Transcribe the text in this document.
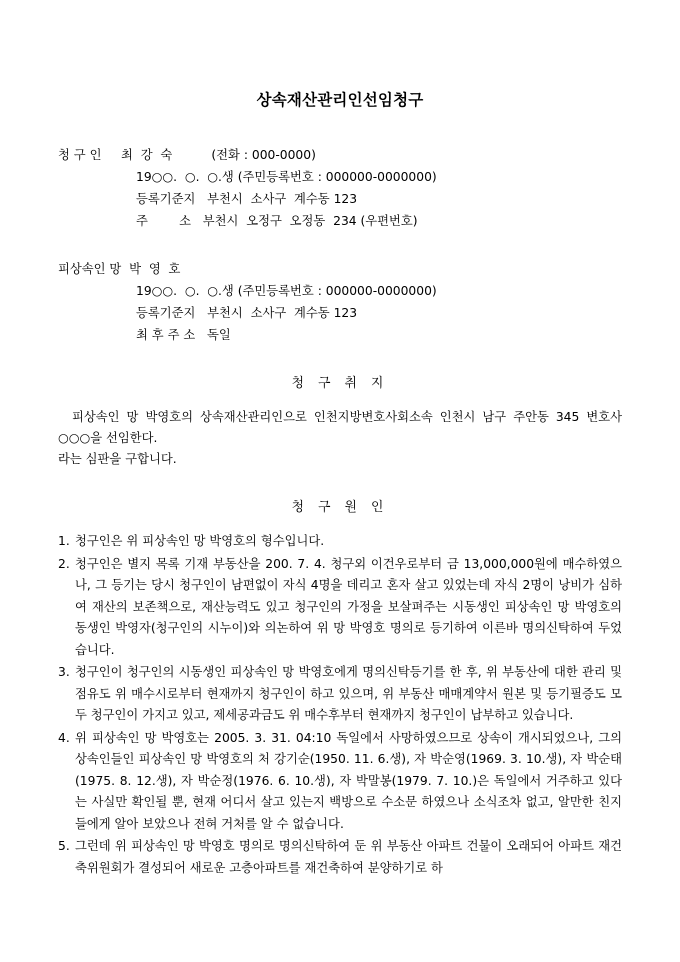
상속재산관리인선임청구
청 구 인     최  강  숙          (전화 : 000-0000)
19○○.  ○.  ○.생 (주민등록번호 : 000000-0000000)
등록기준지   부천시  소사구  계수동 123
주        소   부천시  오정구  오정동  234 (우편번호)
피상속인 망  박  영  호
19○○.  ○.  ○.생 (주민등록번호 : 000000-0000000)
등록기준지   부천시  소사구  계수동 123
최 후 주 소   독일
청 구 취 지

피상속인 망 박영호의 상속재산관리인으로 인천지방변호사회소속 인천시 남구 주안동 345 변호사 ○○○을 선임한다.

라는 심판을 구합니다.

청 구 원 인
1. 청구인은 위 피상속인 망 박영호의 형수입니다.
2. 청구인은 별지 목록 기재 부동산을 200. 7. 4. 청구외 이건우로부터 금 13,000,000원에 매수하였으나, 그 등기는 당시 청구인이 남편없이 자식 4명을 데리고 혼자 살고 있었는데 자식 2명이 낭비가 심하여 재산의 보존책으로, 재산능력도 있고 청구인의 가정을 보살펴주는 시동생인 피상속인 망 박영호의 동생인 박영자(청구인의 시누이)와 의논하여 위 망 박영호 명의로 등기하여 이른바 명의신탁하여 두었습니다.
3. 청구인이 청구인의 시동생인 피상속인 망 박영호에게 명의신탁등기를 한 후, 위 부동산에 대한 관리 및 점유도 위 매수시로부터 현재까지 청구인이 하고 있으며, 위 부동산 매매계약서 원본 및 등기필증도 모두 청구인이 가지고 있고, 제세공과금도 위 매수후부터 현재까지 청구인이 납부하고 있습니다.
4. 위 피상속인 망 박영호는 2005. 3. 31. 04:10 독일에서 사망하였으므로 상속이 개시되었으나, 그의 상속인들인 피상속인 망 박영호의 처 강기순(1950. 11. 6.생), 자 박순영(1969. 3. 10.생), 자 박순태(1975. 8. 12.생), 자 박순정(1976. 6. 10.생), 자 박말봉(1979. 7. 10.)은 독일에서 거주하고 있다는 사실만 확인될 뿐, 현재 어디서 살고 있는지 백방으로 수소문 하였으나 소식조차 없고, 알만한 친지들에게 알아 보았으나 전혀 거처를 알 수 없습니다.
5. 그런데 위 피상속인 망 박영호 명의로 명의신탁하여 둔 위 부동산 아파트 건물이 오래되어 아파트 재건축위원회가 결성되어 새로운 고층아파트를 재건축하여 분양하기로 하
